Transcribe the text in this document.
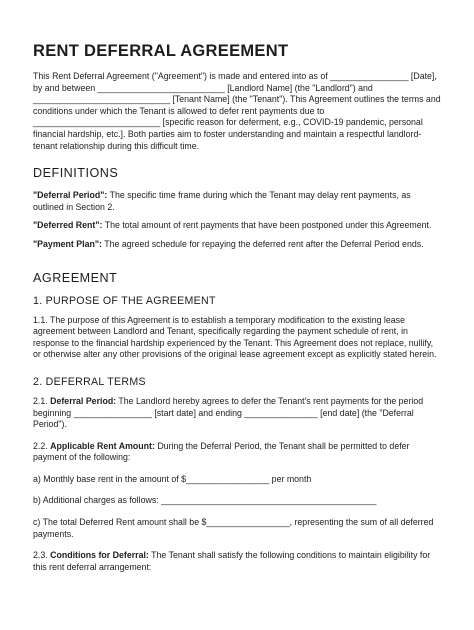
RENT DEFERRAL AGREEMENT

This Rent Deferral Agreement ("Agreement") is made and entered into as of ________________ [Date], by and between __________________________ [Landlord Name] (the "Landlord") and ____________________________ [Tenant Name] (the "Tenant"). This Agreement outlines the terms and conditions under which the Tenant is allowed to defer rent payments due to __________________________ [specific reason for deferment, e.g., COVID-19 pandemic, personal financial hardship, etc.]. Both parties aim to foster understanding and maintain a respectful landlord-tenant relationship during this difficult time.

DEFINITIONS

"Deferral Period": The specific time frame during which the Tenant may delay rent payments, as outlined in Section 2.

"Deferred Rent": The total amount of rent payments that have been postponed under this Agreement.

"Payment Plan": The agreed schedule for repaying the deferred rent after the Deferral Period ends.

AGREEMENT
1. PURPOSE OF THE AGREEMENT

1.1. The purpose of this Agreement is to establish a temporary modification to the existing lease agreement between Landlord and Tenant, specifically regarding the payment schedule of rent, in response to the financial hardship experienced by the Tenant. This Agreement does not replace, nullify, or otherwise alter any other provisions of the original lease agreement except as explicitly stated herein.

2. DEFERRAL TERMS

2.1. Deferral Period: The Landlord hereby agrees to defer the Tenant's rent payments for the period beginning ________________ [start date] and ending _______________ [end date] (the "Deferral Period").

2.2. Applicable Rent Amount: During the Deferral Period, the Tenant shall be permitted to defer payment of the following:

a) Monthly base rent in the amount of $_________________ per month

b) Additional charges as follows: ____________________________________________

c) The total Deferred Rent amount shall be $_________________, representing the sum of all deferred payments.

2.3. Conditions for Deferral: The Tenant shall satisfy the following conditions to maintain eligibility for this rent deferral arrangement:
